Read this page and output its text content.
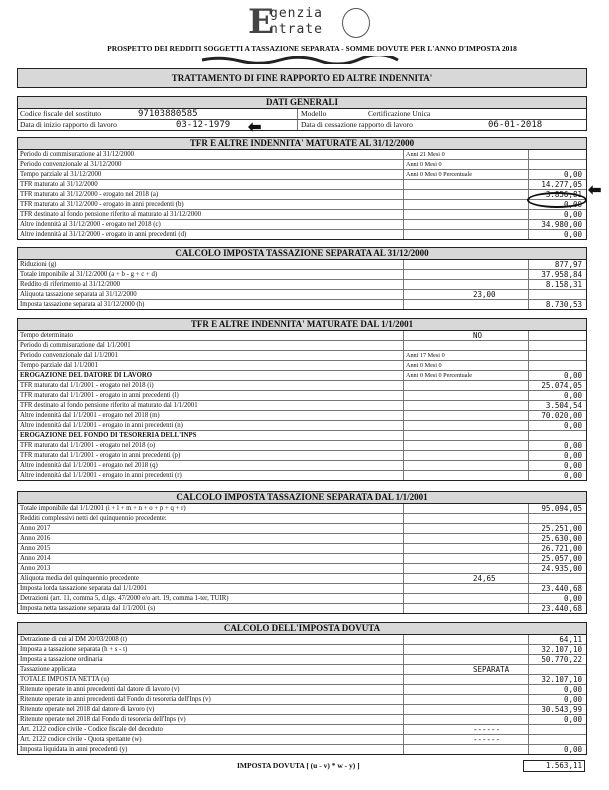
E
genzia
ntrate
PROSPETTO DEI REDDITI SOGGETTI A TASSAZIONE SEPARATA - SOMME DOVUTE PER L'ANNO D'IMPOSTA 2018
TRATTAMENTO DI FINE RAPPORTO ED ALTRE INDENNITA'
DATI GENERALI
Codice fiscale del sostituto	97103880585	Modello	Certificazione Unica
Data di inizio rapporto di lavoro	03-12-1979	Data di cessazione rapporto di lavoro	06-01-2018
⬅
TFR E ALTRE INDENNITA' MATURATE AL 31/12/2000
Periodo di commisurazione al 31/12/2000	Anni 21 Mesi 0
Periodo convenzionale al 31/12/2000	Anni 0 Mesi 0
Tempo parziale al 31/12/2000	Anni 0 Mesi 0 Percentuale	0,00
TFR maturato al 31/12/2000	14.277,05
TFR maturato al 31/12/2000 - erogato nel 2018 (a)	3.856,81
TFR maturato al 31/12/2000 - erogato in anni precedenti (b)	0,00
TFR destinato al fondo pensione riferito al maturato al 31/12/2000	0,00
Altre indennità al 31/12/2000 - erogato nel 2018 (c)	34.980,00
Altre indennità al 31/12/2000 - erogato in anni precedenti (d)	0,00
⬅
CALCOLO IMPOSTA TASSAZIONE SEPARATA AL 31/12/2000
Riduzioni (g)	877,97
Totale imponibile al 31/12/2000 (a + b - g + c + d)	37.958,84
Reddito di riferimento al 31/12/2000	8.158,31
Aliquota tassazione separata al 31/12/2000	23,00
Imposta tassazione separata al 31/12/2000 (h)	8.730,53
TFR E ALTRE INDENNITA' MATURATE DAL 1/1/2001
Tempo determinato	NO
Periodo di commisurazione dal 1/1/2001
Periodo convenzionale dal 1/1/2001	Anni 17 Mesi 0
Tempo parziale dal 1/1/2001	Anni 0 Mesi 0
EROGAZIONE DEL DATORE DI LAVORO	Anni 0 Mesi 0 Percentuale	0,00
TFR maturato dal 1/1/2001 - erogato nel 2018 (i)	25.074,05
TFR maturato dal 1/1/2001 - erogato in anni precedenti (l)	0,00
TFR destinato al fondo pensione riferito al maturato dal 1/1/2001	3.504,54
Altre indennità dal 1/1/2001 - erogato nel 2018 (m)	70.020,00
Altre indennità dal 1/1/2001 - erogato in anni precedenti (n)	0,00
EROGAZIONE DEL FONDO DI TESORERIA DELL'INPS
TFR maturato dal 1/1/2001 - erogato nel 2018 (o)	0,00
TFR maturato dal 1/1/2001 - erogato in anni precedenti (p)	0,00
Altre indennità dal 1/1/2001 - erogato nel 2018 (q)	0,00
Altre indennità dal 1/1/2001 - erogato in anni precedenti (r)	0,00
CALCOLO IMPOSTA TASSAZIONE SEPARATA DAL 1/1/2001
Totale imponibile dal 1/1/2001 (i + l + m + n + o + p + q + r)	95.094,05
Redditi complessivi netti del quinquennio precedente:
Anno 2017	25.251,00
Anno 2016	25.630,00
Anno 2015	26.721,00
Anno 2014	25.057,00
Anno 2013	24.935,00
Aliquota media del quinquennio precedente	24,65
Imposta lorda tassazione separata dal 1/1/2001	23.440,68
Detrazioni (art. 11, comma 5, d.lgs. 47/2000 e/o art. 19, comma 1-ter, TUIR)	0,00
Imposta netta tassazione separata dal 1/1/2001 (s)	23.440,68
CALCOLO DELL'IMPOSTA DOVUTA
Detrazione di cui al DM 20/03/2008 (t)	64,11
Imposta a tassazione separata (h + s - t)	32.107,10
Imposta a tassazione ordinaria	50.770,22
Tassazione applicata	SEPARATA
TOTALE IMPOSTA NETTA (u)	32.107,10
Ritenute operate in anni precedenti dal datore di lavoro (v)	0,00
Ritenute operate in anni precedenti dal Fondo di tesoreria dell'Inps (v)	0,00
Ritenute operate nel 2018 dal datore di lavoro (v)	30.543,99
Ritenute operate nel 2018 dal Fondo di tesoreria dell'Inps (v)	0,00
Art. 2122 codice civile - Codice fiscale del deceduto	------
Art. 2122 codice civile - Quota spettante (w)	------
Imposta liquidata in anni precedenti (y)	0,00
IMPOSTA DOVUTA [ (u - v) * w - y) ]	1.563,11
